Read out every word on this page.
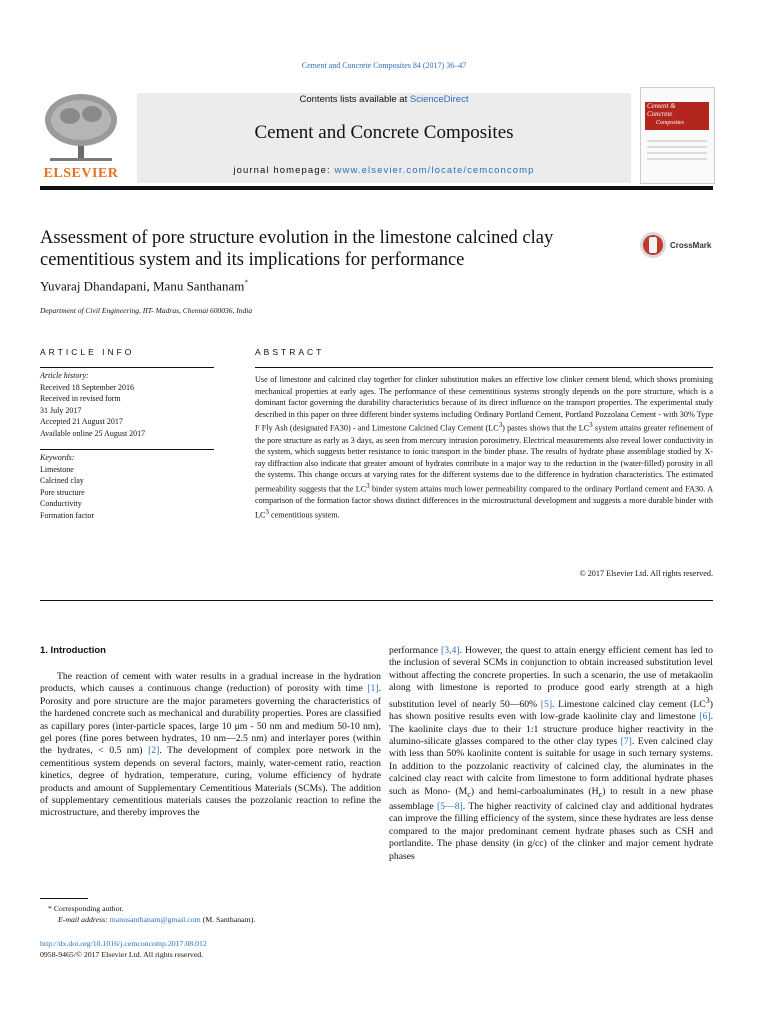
Cement and Concrete Composites 84 (2017) 36–47
ELSEVIER
Contents lists available at ScienceDirect
Cement and Concrete Composites
journal homepage: www.elsevier.com/locate/cemconcomp
Cement &
Concrete
Composites
Assessment of pore structure evolution in the limestone calcined clay cementitious system and its implications for performance
CrossMark
Yuvaraj Dhandapani, Manu Santhanam*
Department of Civil Engineering, IIT- Madras, Chennai 600036, India
ARTICLE INFO
Article history:
Received 18 September 2016
Received in revised form
31 July 2017
Accepted 21 August 2017
Available online 25 August 2017
Keywords:
Limestone
Calcined clay
Pore structure
Conductivity
Formation factor
ABSTRACT
Use of limestone and calcined clay together for clinker substitution makes an effective low clinker cement blend, which shows promising mechanical properties at early ages. The performance of these cementitious systems strongly depends on the pore structure, which is a dominant factor governing the durability characteristics because of its direct influence on the transport properties. The experimental study described in this paper on three different binder systems including Ordinary Portland Cement, Portland Pozzolana Cement - with 30% Type F Fly Ash (designated FA30) - and Limestone Calcined Clay Cement $(LC^3)$ pastes shows that the $LC^3$ system attains greater refinement of the pore structure as early as 3 days, as seen from mercury intrusion porosimetry. Electrical measurements also reveal lower conductivity in the system, which suggests better resistance to ionic transport in the binder phase. The results of hydrate phase assemblage studied by X-ray diffraction also indicate that greater amount of hydrates contribute in a major way to the reduction in the (water-filled) porosity in all the systems. This change occurs at varying rates for the different systems due to the difference in hydration characteristics. The estimated permeability suggests that the $LC^3$ binder system attains much lower permeability compared to the ordinary Portland cement and FA30. A comparison of the formation factor shows distinct differences in the microstructural development and suggests a more durable binder with $LC^3$ cementitious system.
© 2017 Elsevier Ltd. All rights reserved.
1. Introduction

The reaction of cement with water results in a gradual increase in the hydration products, which causes a continuous change (reduction) of porosity with time [1]. Porosity and pore structure are the major parameters governing the characteristics of the hardened concrete such as mechanical and durability properties. Pores are classified as capillary pores (inter-particle spaces, large 10 μm - 50 nm and medium 50-10 nm), gel pores (fine pores between hydrates, 10 nm—2.5 nm) and interlayer pores (within the hydrates, < 0.5 nm) [2]. The development of complex pore network in the cementitious system depends on several factors, mainly, water-cement ratio, reaction kinetics, degree of hydration, temperature, curing, volume efficiency of hydrate products and amount of Supplementary Cementitious Materials (SCMs). The addition of supplementary cementitious materials causes the pozzolanic reaction to refine the microstructure, and thereby improves the

performance [3,4]. However, the quest to attain energy efficient cement has led to the inclusion of several SCMs in conjunction to obtain increased substitution level without affecting the concrete properties. In such a scenario, the use of metakaolin along with limestone is reported to produce good early strength at a high substitution level of nearly 50—60% [5]. Limestone calcined clay cement $(LC^3)$ has shown positive results even with low-grade kaolinite clay and limestone [6]. The kaolinite clays due to their 1:1 structure produce higher reactivity in the alumino-silicate glasses compared to the other clay types [7]. Even calcined clay with less than 50% kaolinite content is suitable for usage in such ternary systems. In addition to the pozzolanic reactivity of calcined clay, the aluminates in the calcined clay react with calcite from limestone to form additional hydrate phases such as Mono- $(M_c)$ and hemi-carboaluminates $(H_c)$ to result in a new phase assemblage [5—8]. The higher reactivity of calcined clay and additional hydrates can improve the filling efficiency of the system, since these hydrates are less dense compared to the major predominant cement hydrate phases such as CSH and portlandite. The phase density (in g/cc) of the clinker and major cement hydrate phases

* Corresponding author.
E-mail address: manusanthanam@gmail.com (M. Santhanam).
http://dx.doi.org/10.1016/j.cemconcomp.2017.08.012
0958-9465/© 2017 Elsevier Ltd. All rights reserved.
